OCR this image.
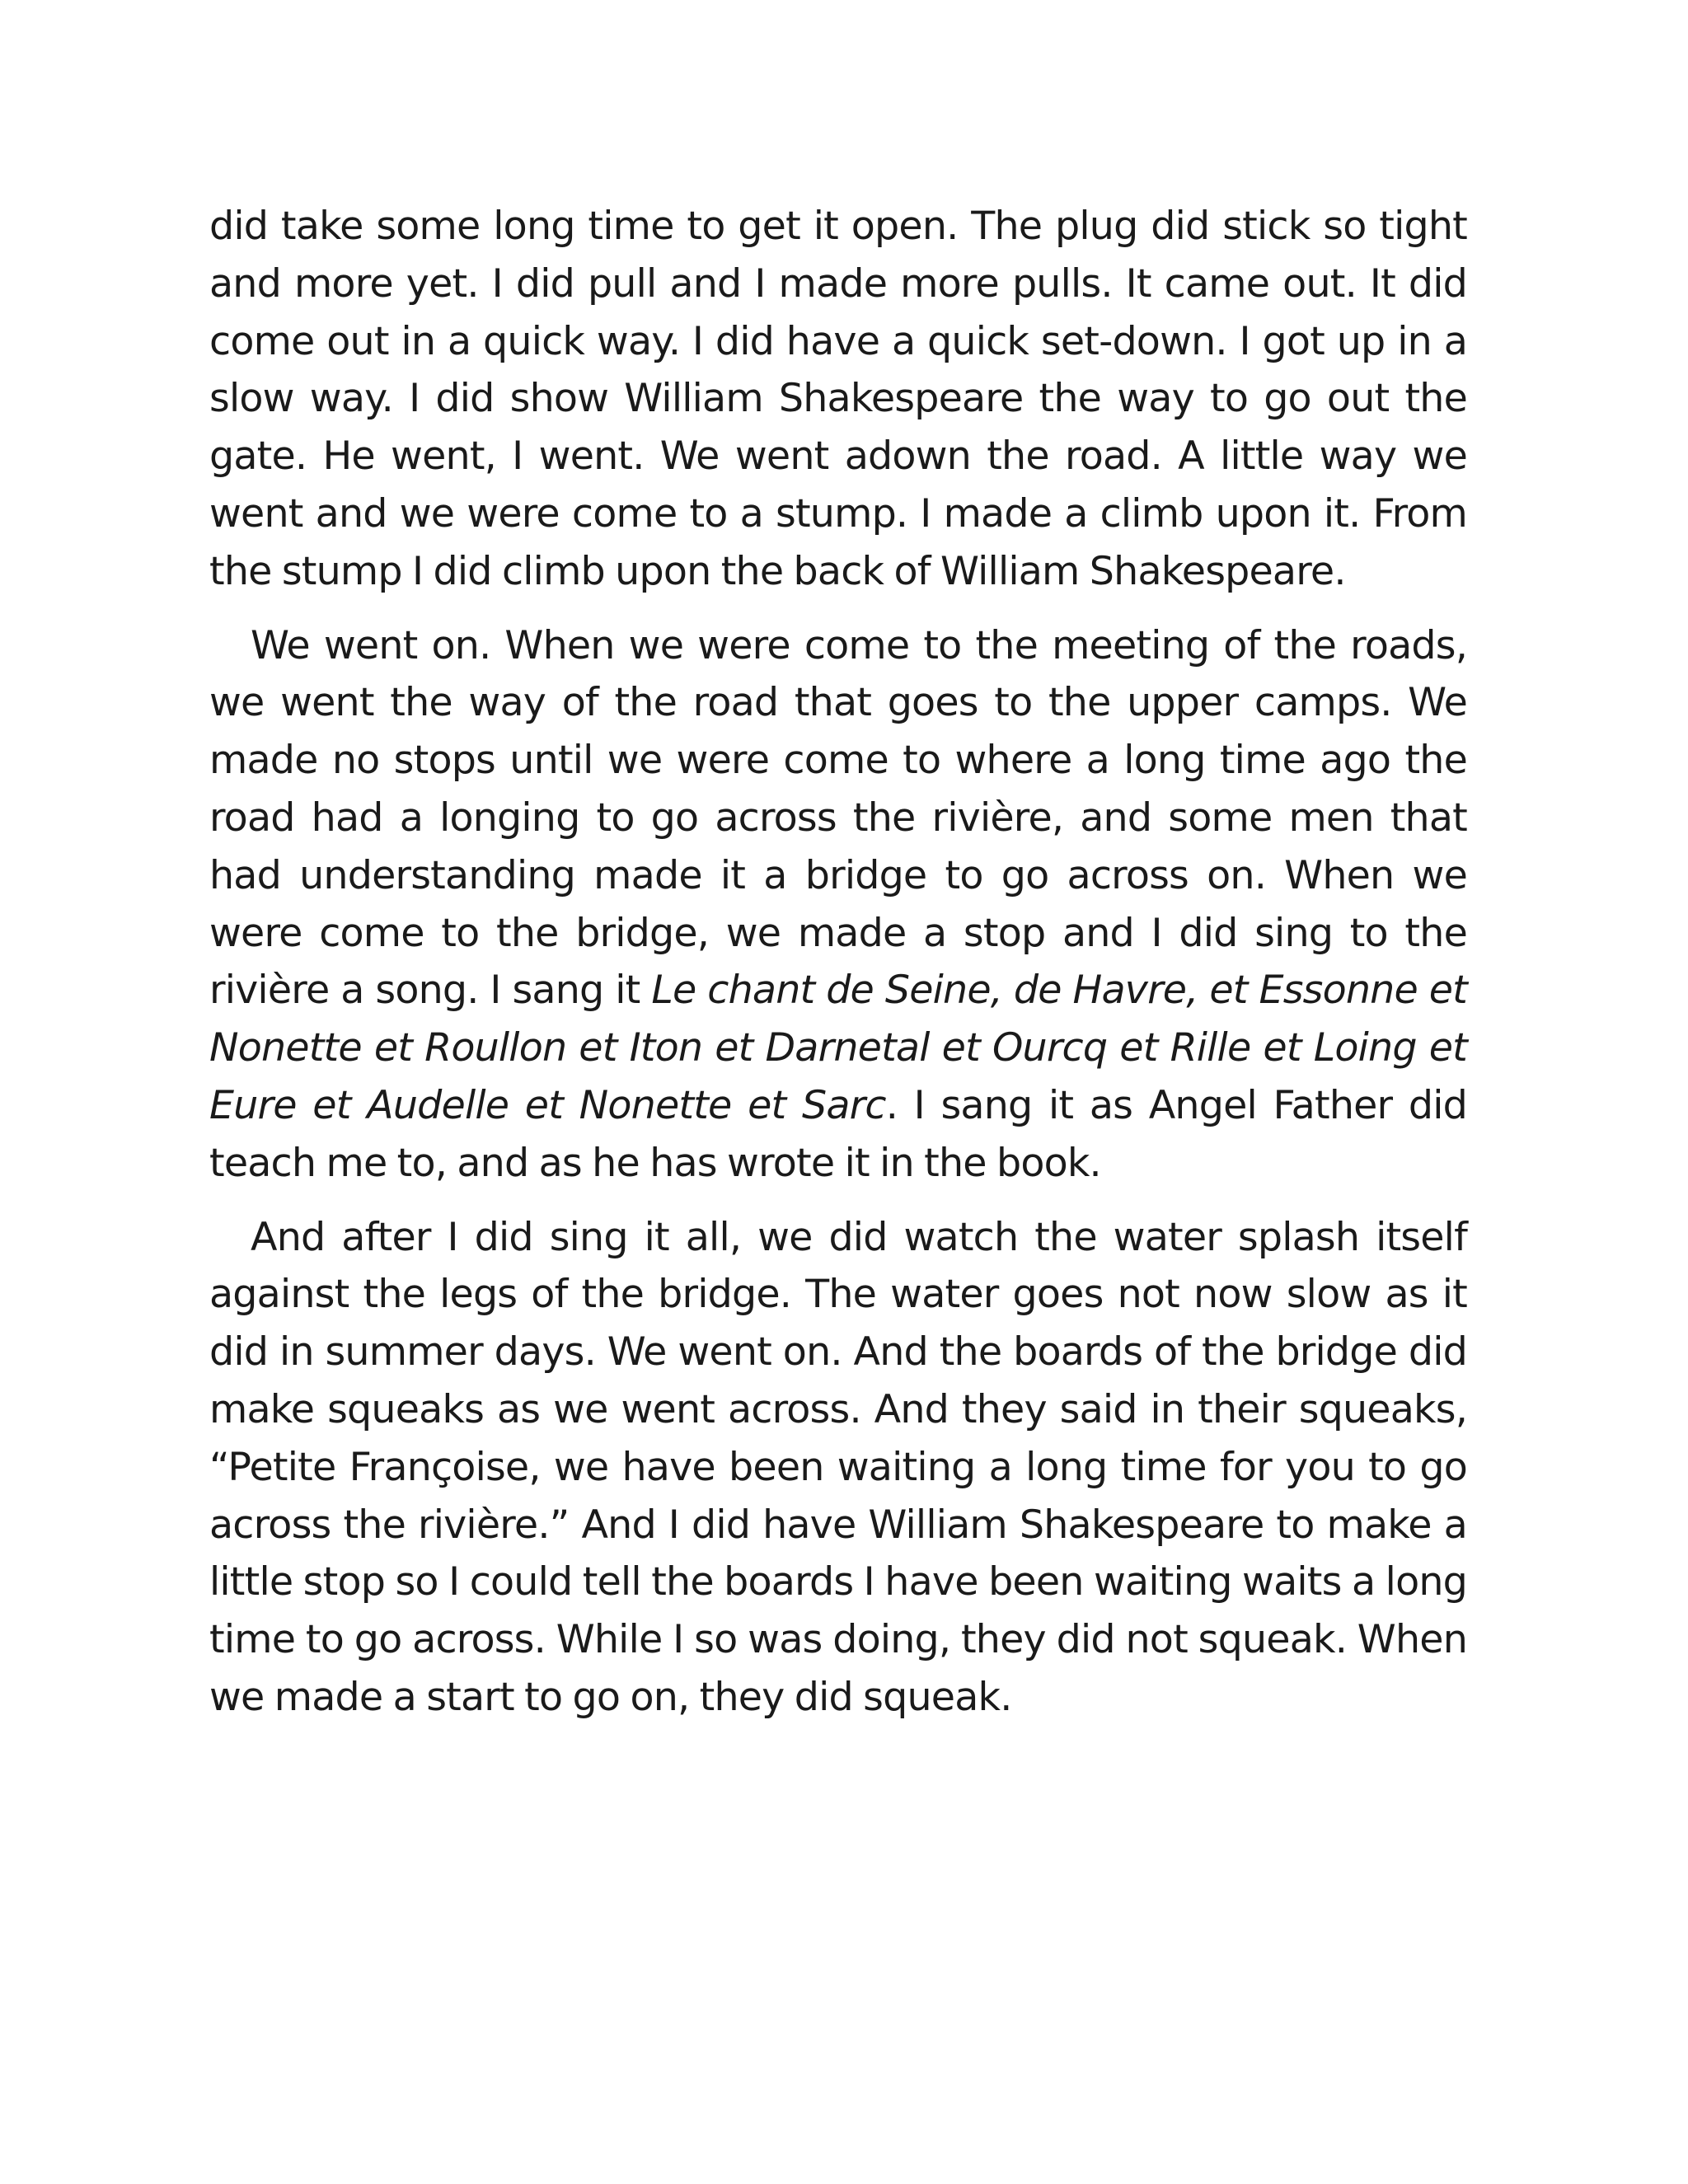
did take some long time to get it open. The plug did stick so tight and more yet. I did pull and I made more pulls. It came out. It did come out in a quick way. I did have a quick set-down. I got up in a slow way. I did show William Shakespeare the way to go out the gate. He went, I went. We went adown the road. A little way we went and we were come to a stump. I made a climb upon it. From the stump I did climb upon the back of William Shakespeare.

We went on. When we were come to the meeting of the roads, we went the way of the road that goes to the upper camps. We made no stops until we were come to where a long time ago the road had a longing to go across the rivière, and some men that had understanding made it a bridge to go across on. When we were come to the bridge, we made a stop and I did sing to the rivière a song. I sang it Le chant de Seine, de Havre, et Essonne et Nonette et Roullon et Iton et Darnetal et Ourcq et Rille et Loing et Eure et Audelle et Nonette et Sarc. I sang it as Angel Father did teach me to, and as he has wrote it in the book.

And after I did sing it all, we did watch the water splash itself against the legs of the bridge. The water goes not now slow as it did in summer days. We went on. And the boards of the bridge did make squeaks as we went across. And they said in their squeaks, “Petite Françoise, we have been waiting a long time for you to go across the rivière.” And I did have William Shakespeare to make a little stop so I could tell the boards I have been waiting waits a long time to go across. While I so was doing, they did not squeak. When we made a start to go on, they did squeak.
